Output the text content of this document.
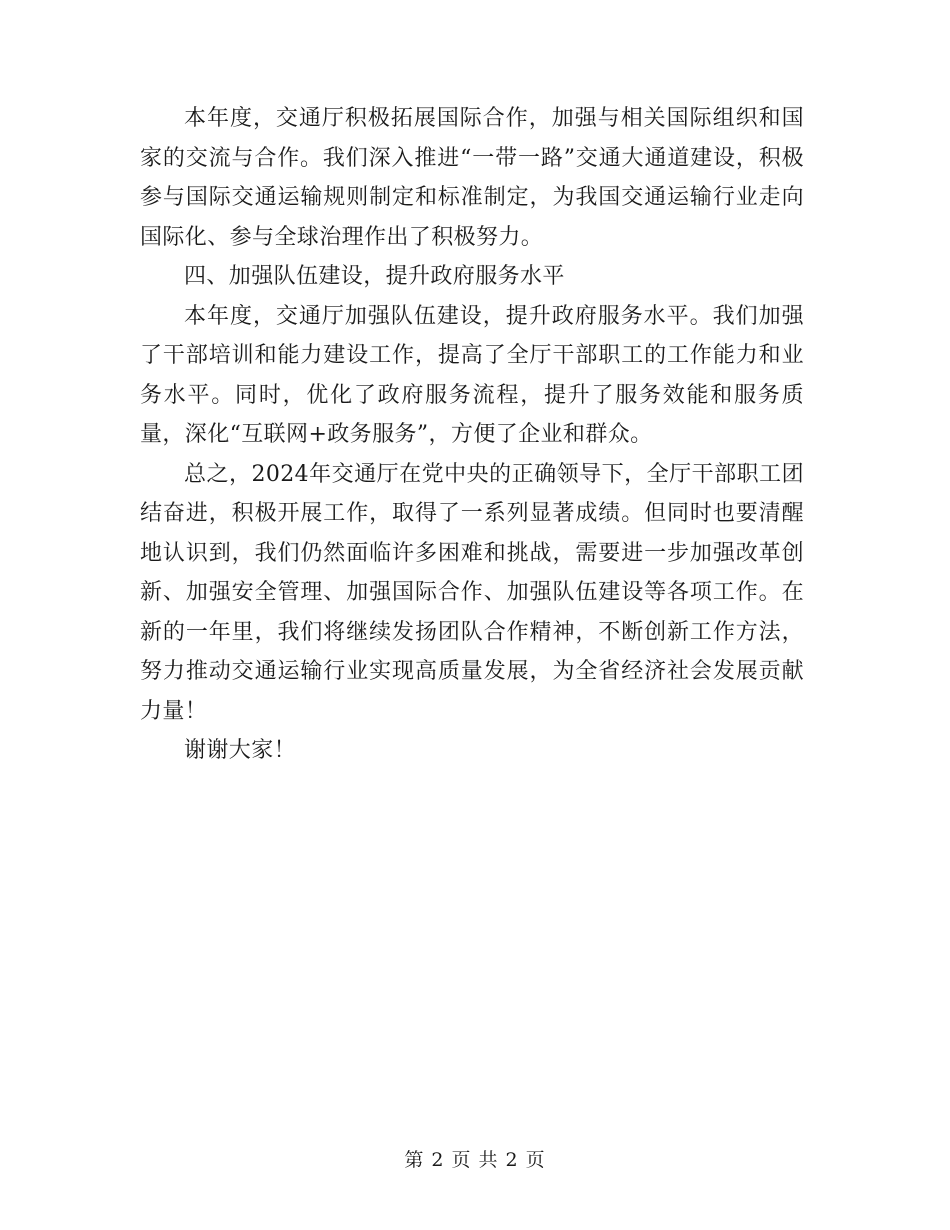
本年度，交通厅积极拓展国际合作，加强与相关国际组织和国家的交流与合作。我们深入推进“一带一路”交通大通道建设，积极参与国际交通运输规则制定和标准制定，为我国交通运输行业走向国际化、参与全球治理作出了积极努力。

四、加强队伍建设，提升政府服务水平

本年度，交通厅加强队伍建设，提升政府服务水平。我们加强了干部培训和能力建设工作，提高了全厅干部职工的工作能力和业务水平。同时，优化了政府服务流程，提升了服务效能和服务质量，深化“互联网+政务服务”，方便了企业和群众。

总之，2024年交通厅在党中央的正确领导下，全厅干部职工团结奋进，积极开展工作，取得了一系列显著成绩。但同时也要清醒地认识到，我们仍然面临许多困难和挑战，需要进一步加强改革创新、加强安全管理、加强国际合作、加强队伍建设等各项工作。在新的一年里，我们将继续发扬团队合作精神，不断创新工作方法，努力推动交通运输行业实现高质量发展，为全省经济社会发展贡献力量！

谢谢大家！

第 2 页 共 2 页
